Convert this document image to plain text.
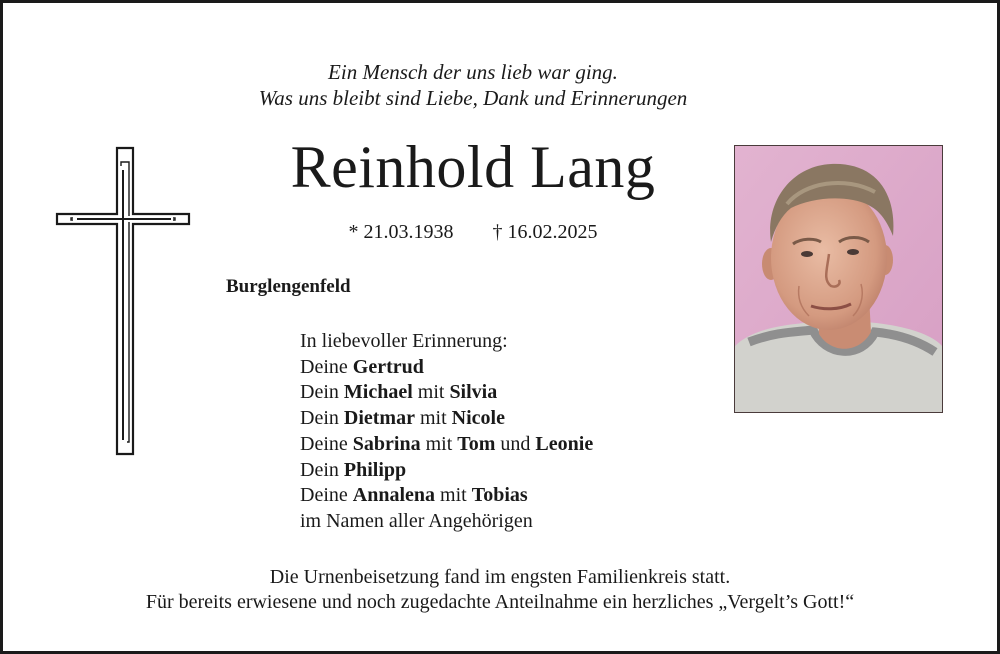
Ein Mensch der uns lieb war ging.
Was uns bleibt sind Liebe, Dank und Erinnerungen
Reinhold Lang
* 21.03.1938 † 16.02.2025
Burglengenfeld
In liebevoller Erinnerung:
Deine Gertrud
Dein Michael mit Silvia
Dein Dietmar mit Nicole
Deine Sabrina mit Tom und Leonie
Dein Philipp
Deine Annalena mit Tobias
im Namen aller Angehörigen
Die Urnenbeisetzung fand im engsten Familienkreis statt.
Für bereits erwiesene und noch zugedachte Anteilnahme ein herzliches „Vergelt’s Gott!“
